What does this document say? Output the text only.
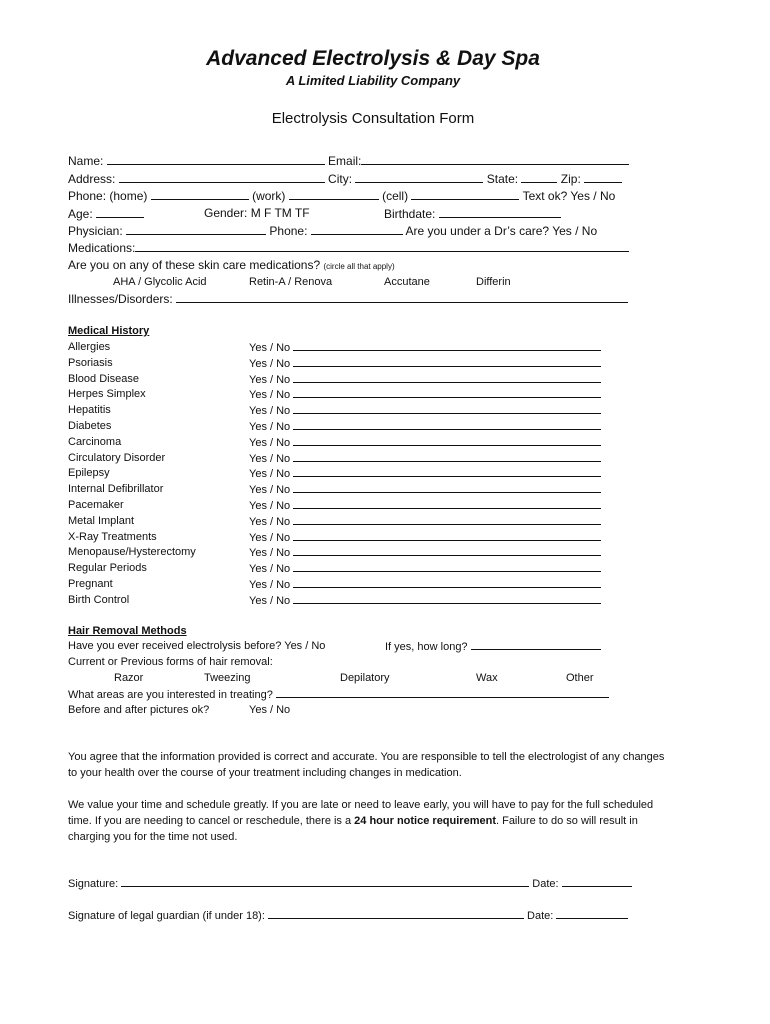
Advanced Electrolysis & Day Spa
A Limited Liability Company
Electrolysis Consultation Form
Name:	Email:
Address:	City:	State:	Zip:
Phone: (home)	(work)	(cell)	Text ok? Yes / No
Age:	Gender: M F TM TF	Birthdate:
Physician:	Phone:	Are you under a Dr’s care? Yes / No
Medications:
Are you on any of these skin care medications? (circle all that apply)
AHA / Glycolic Acid	Retin-A / Renova	Accutane	Differin
Illnesses/Disorders:
Medical History
Allergies	Yes / No
Psoriasis	Yes / No
Blood Disease	Yes / No
Herpes Simplex	Yes / No
Hepatitis	Yes / No
Diabetes	Yes / No
Carcinoma	Yes / No
Circulatory Disorder	Yes / No
Epilepsy	Yes / No
Internal Defibrillator	Yes / No
Pacemaker	Yes / No
Metal Implant	Yes / No
X-Ray Treatments	Yes / No
Menopause/Hysterectomy	Yes / No
Regular Periods	Yes / No
Pregnant	Yes / No
Birth Control	Yes / No
Hair Removal Methods
Have you ever received electrolysis before? Yes / No	If yes, how long?
Current or Previous forms of hair removal:
Razor	Tweezing	Depilatory	Wax	Other
What areas are you interested in treating?
Before and after pictures ok?	Yes / No
You agree that the information provided is correct and accurate. You are responsible to tell the electrologist of any changes to your health over the course of your treatment including changes in medication.
We value your time and schedule greatly. If you are late or need to leave early, you will have to pay for the full scheduled time. If you are needing to cancel or reschedule, there is a 24 hour notice requirement. Failure to do so will result in charging you for the time not used.
Signature:	Date:
Signature of legal guardian (if under 18):	Date:
